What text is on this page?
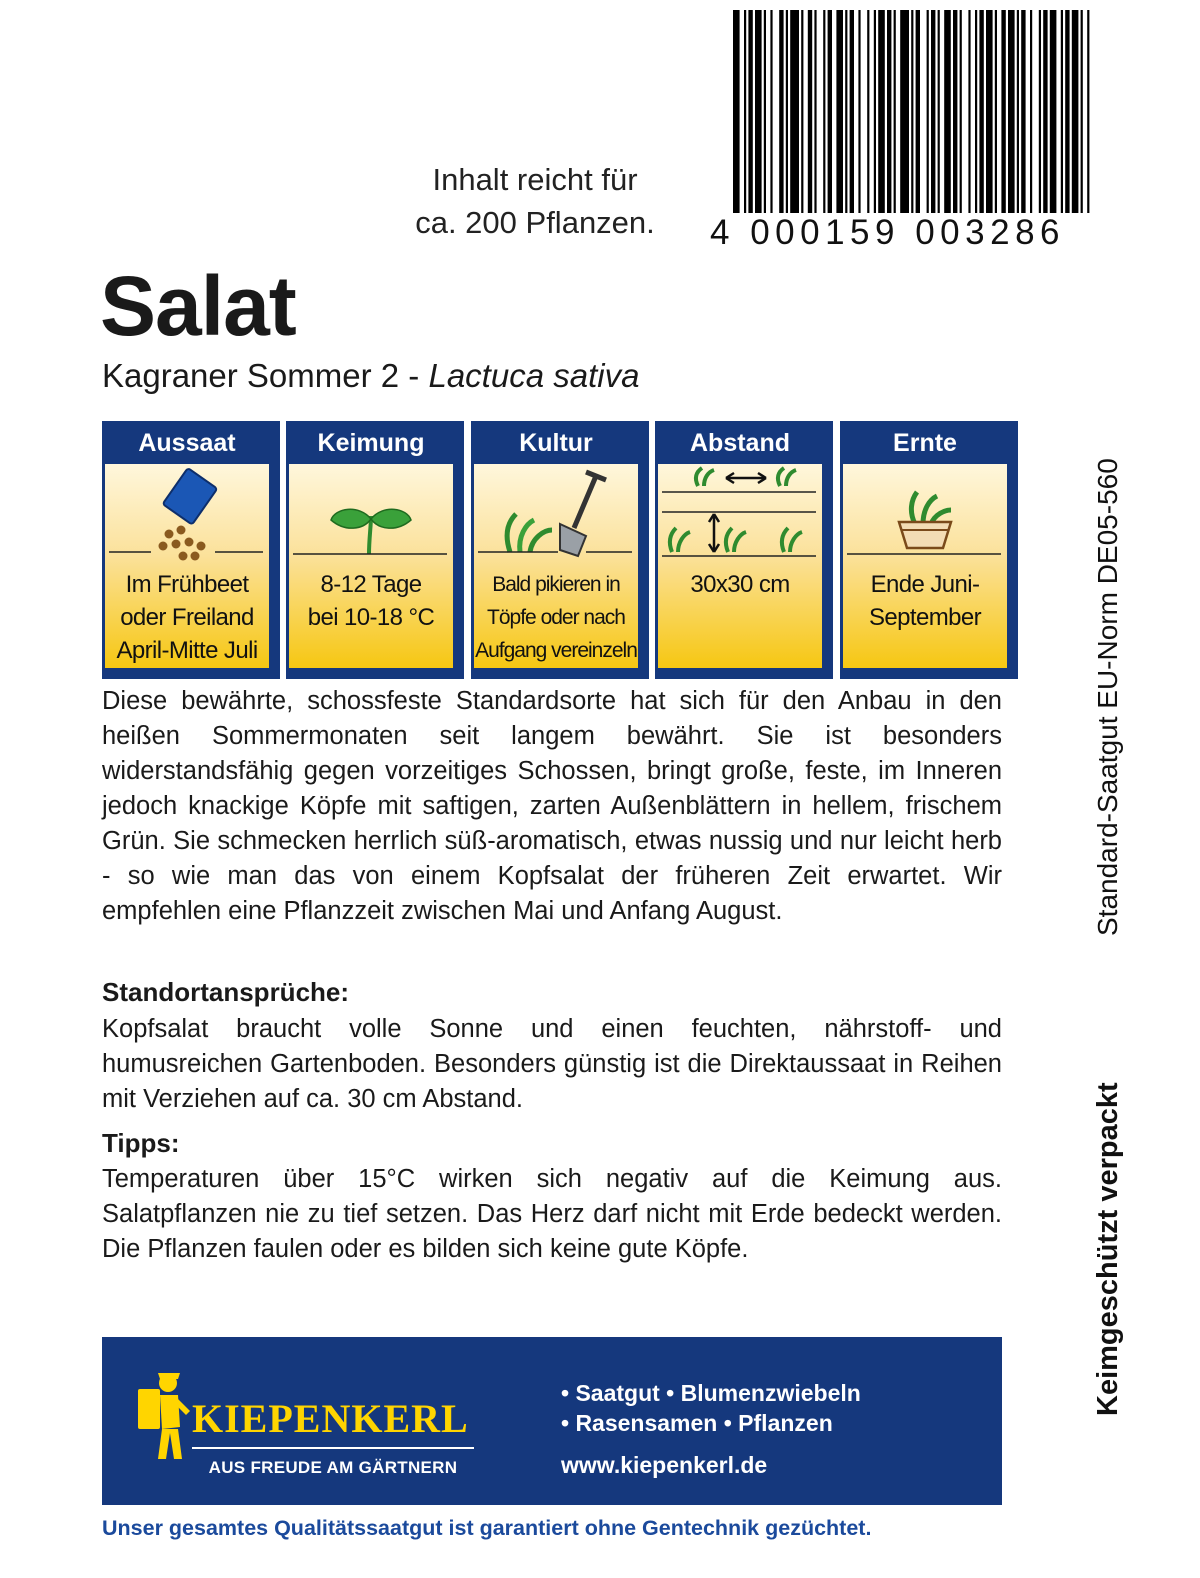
Inhalt reicht für
ca. 200 Pflanzen.	4 000159 003286
Salat
Kagraner Sommer 2 - Lactuca sativa
Aussaat
Im Frühbeet
oder Freiland
April-Mitte Juli
Keimung
8-12 Tage
bei 10-18 °C
Kultur
Bald pikieren in
Töpfe oder nach
Aufgang vereinzeln
Abstand
30x30 cm
Ernte
Ende Juni-
September
Diese bewährte, schossfeste Standardsorte hat sich für den Anbau in den heißen Sommermonaten seit langem bewährt. Sie ist besonders widerstandsfähig gegen vorzeitiges Schossen, bringt große, feste, im Inneren jedoch knackige Köpfe mit saftigen, zarten Außenblättern in hellem, frischem Grün. Sie schmecken herrlich süß-aromatisch, etwas nussig und nur leicht herb - so wie man das von einem Kopfsalat der früheren Zeit erwartet. Wir empfehlen eine Pflanzzeit zwischen Mai und Anfang August.
Standortansprüche:
Kopfsalat braucht volle Sonne und einen feuchten, nährstoff- und humusreichen Gartenboden. Besonders günstig ist die Direktaussaat in Reihen mit Verziehen auf ca. 30 cm Abstand.
Tipps:
Temperaturen über 15°C wirken sich negativ auf die Keimung aus. Salatpflanzen nie zu tief setzen. Das Herz darf nicht mit Erde bedeckt werden. Die Pflanzen faulen oder es bilden sich keine gute Köpfe.
Standard-Saatgut EU-Norm DE05-560
Keimgeschützt verpackt
KIEPENKERL
AUS FREUDE AM GÄRTNERN
• Saatgut • Blumenzwiebeln
• Rasensamen • Pflanzen
www.kiepenkerl.de
Unser gesamtes Qualitätssaatgut ist garantiert ohne Gentechnik gezüchtet.
